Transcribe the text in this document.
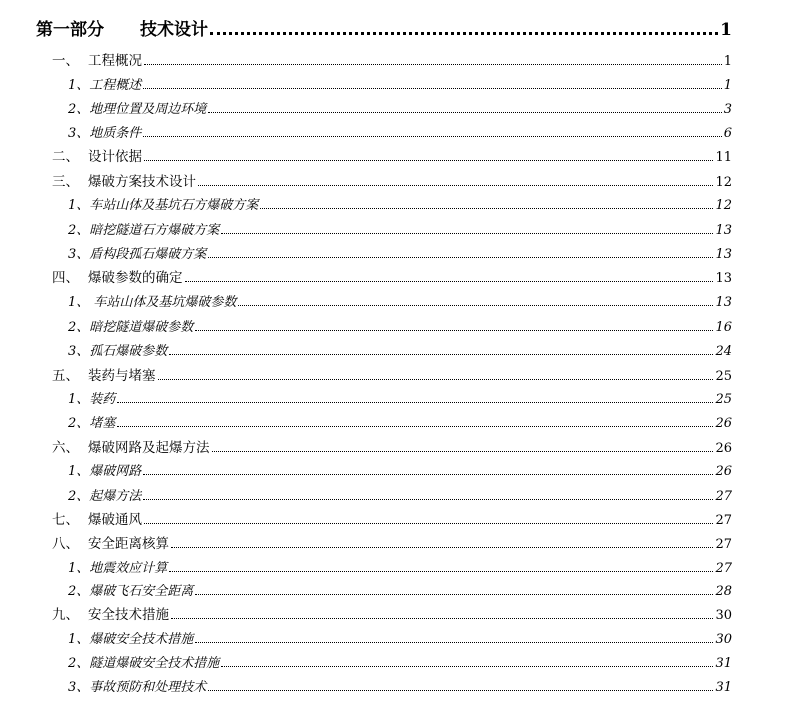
第一部分 技术设计	1
一、 工程概况	1
1、工程概述	1
2、地理位置及周边环境	3
3、地质条件	6
二、 设计依据	11
三、 爆破方案技术设计	12
1、车站山体及基坑石方爆破方案	12
2、暗挖隧道石方爆破方案	13
3、盾构段孤石爆破方案	13
四、 爆破参数的确定	13
1、 车站山体及基坑爆破参数	13
2、暗挖隧道爆破参数	16
3、孤石爆破参数	24
五、 装药与堵塞	25
1、装药	25
2、堵塞	26
六、 爆破网路及起爆方法	26
1、爆破网路	26
2、起爆方法	27
七、 爆破通风	27
八、 安全距离核算	27
1、地震效应计算	27
2、爆破飞石安全距离	28
九、 安全技术措施	30
1、爆破安全技术措施	30
2、隧道爆破安全技术措施	31
3、事故预防和处理技术	31
